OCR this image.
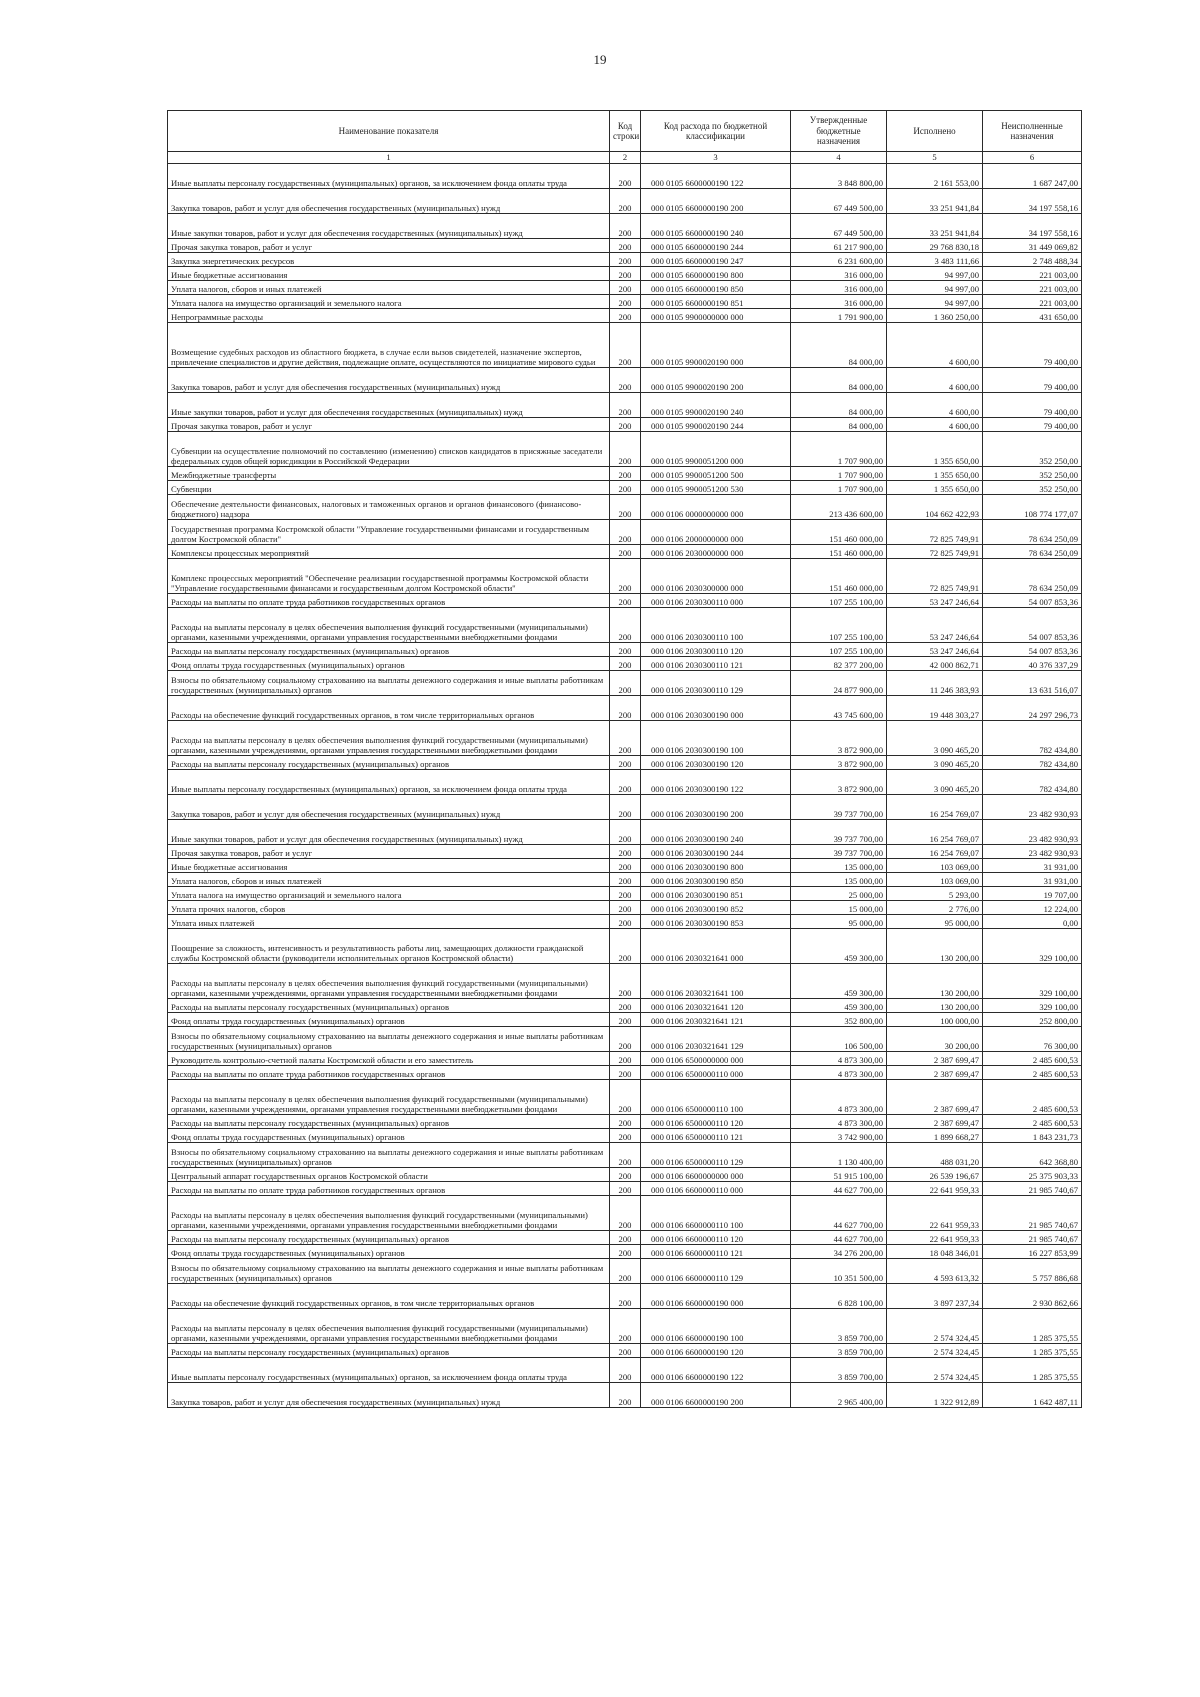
19
Наименование показателя	Код строки	Код расхода по бюджетной классификации	Утвержденные бюджетные назначения	Исполнено	Неисполненные назначения
1	2	3	4	5	6
Иные выплаты персоналу государственных (муниципальных) органов, за исключением фонда оплаты труда	200	000 0105 6600000190 122	3 848 800,00	2 161 553,00	1 687 247,00
Закупка товаров, работ и услуг для обеспечения государственных (муниципальных) нужд	200	000 0105 6600000190 200	67 449 500,00	33 251 941,84	34 197 558,16
Иные закупки товаров, работ и услуг для обеспечения государственных (муниципальных) нужд	200	000 0105 6600000190 240	67 449 500,00	33 251 941,84	34 197 558,16
Прочая закупка товаров, работ и услуг	200	000 0105 6600000190 244	61 217 900,00	29 768 830,18	31 449 069,82
Закупка энергетических ресурсов	200	000 0105 6600000190 247	6 231 600,00	3 483 111,66	2 748 488,34
Иные бюджетные ассигнования	200	000 0105 6600000190 800	316 000,00	94 997,00	221 003,00
Уплата налогов, сборов и иных платежей	200	000 0105 6600000190 850	316 000,00	94 997,00	221 003,00
Уплата налога на имущество организаций и земельного налога	200	000 0105 6600000190 851	316 000,00	94 997,00	221 003,00
Непрограммные расходы	200	000 0105 9900000000 000	1 791 900,00	1 360 250,00	431 650,00
Возмещение судебных расходов из областного бюджета, в случае если вызов свидетелей, назначение экспертов, привлечение специалистов и другие действия, подлежащие оплате, осуществляются по инициативе мирового судьи	200	000 0105 9900020190 000	84 000,00	4 600,00	79 400,00
Закупка товаров, работ и услуг для обеспечения государственных (муниципальных) нужд	200	000 0105 9900020190 200	84 000,00	4 600,00	79 400,00
Иные закупки товаров, работ и услуг для обеспечения государственных (муниципальных) нужд	200	000 0105 9900020190 240	84 000,00	4 600,00	79 400,00
Прочая закупка товаров, работ и услуг	200	000 0105 9900020190 244	84 000,00	4 600,00	79 400,00
Субвенции на осуществление полномочий по составлению (изменению) списков кандидатов в присяжные заседатели федеральных судов общей юрисдикции в Российской Федерации	200	000 0105 9900051200 000	1 707 900,00	1 355 650,00	352 250,00
Межбюджетные трансферты	200	000 0105 9900051200 500	1 707 900,00	1 355 650,00	352 250,00
Субвенции	200	000 0105 9900051200 530	1 707 900,00	1 355 650,00	352 250,00
Обеспечение деятельности финансовых, налоговых и таможенных органов и органов финансового (финансово-бюджетного) надзора	200	000 0106 0000000000 000	213 436 600,00	104 662 422,93	108 774 177,07
Государственная программа Костромской области "Управление государственными финансами и государственным долгом Костромской области"	200	000 0106 2000000000 000	151 460 000,00	72 825 749,91	78 634 250,09
Комплексы процессных мероприятий	200	000 0106 2030000000 000	151 460 000,00	72 825 749,91	78 634 250,09
Комплекс процессных мероприятий "Обеспечение реализации государственной программы Костромской области "Управление государственными финансами и государственным долгом Костромской области"	200	000 0106 2030300000 000	151 460 000,00	72 825 749,91	78 634 250,09
Расходы на выплаты по оплате труда работников государственных органов	200	000 0106 2030300110 000	107 255 100,00	53 247 246,64	54 007 853,36
Расходы на выплаты персоналу в целях обеспечения выполнения функций государственными (муниципальными) органами, казенными учреждениями, органами управления государственными внебюджетными фондами	200	000 0106 2030300110 100	107 255 100,00	53 247 246,64	54 007 853,36
Расходы на выплаты персоналу государственных (муниципальных) органов	200	000 0106 2030300110 120	107 255 100,00	53 247 246,64	54 007 853,36
Фонд оплаты труда государственных (муниципальных) органов	200	000 0106 2030300110 121	82 377 200,00	42 000 862,71	40 376 337,29
Взносы по обязательному социальному страхованию на выплаты денежного содержания и иные выплаты работникам государственных (муниципальных) органов	200	000 0106 2030300110 129	24 877 900,00	11 246 383,93	13 631 516,07
Расходы на обеспечение функций государственных органов, в том числе территориальных органов	200	000 0106 2030300190 000	43 745 600,00	19 448 303,27	24 297 296,73
Расходы на выплаты персоналу в целях обеспечения выполнения функций государственными (муниципальными) органами, казенными учреждениями, органами управления государственными внебюджетными фондами	200	000 0106 2030300190 100	3 872 900,00	3 090 465,20	782 434,80
Расходы на выплаты персоналу государственных (муниципальных) органов	200	000 0106 2030300190 120	3 872 900,00	3 090 465,20	782 434,80
Иные выплаты персоналу государственных (муниципальных) органов, за исключением фонда оплаты труда	200	000 0106 2030300190 122	3 872 900,00	3 090 465,20	782 434,80
Закупка товаров, работ и услуг для обеспечения государственных (муниципальных) нужд	200	000 0106 2030300190 200	39 737 700,00	16 254 769,07	23 482 930,93
Иные закупки товаров, работ и услуг для обеспечения государственных (муниципальных) нужд	200	000 0106 2030300190 240	39 737 700,00	16 254 769,07	23 482 930,93
Прочая закупка товаров, работ и услуг	200	000 0106 2030300190 244	39 737 700,00	16 254 769,07	23 482 930,93
Иные бюджетные ассигнования	200	000 0106 2030300190 800	135 000,00	103 069,00	31 931,00
Уплата налогов, сборов и иных платежей	200	000 0106 2030300190 850	135 000,00	103 069,00	31 931,00
Уплата налога на имущество организаций и земельного налога	200	000 0106 2030300190 851	25 000,00	5 293,00	19 707,00
Уплата прочих налогов, сборов	200	000 0106 2030300190 852	15 000,00	2 776,00	12 224,00
Уплата иных платежей	200	000 0106 2030300190 853	95 000,00	95 000,00	0,00
Поощрение за сложность, интенсивность и результативность работы лиц, замещающих должности гражданской службы Костромской области (руководители исполнительных органов Костромской области)	200	000 0106 2030321641 000	459 300,00	130 200,00	329 100,00
Расходы на выплаты персоналу в целях обеспечения выполнения функций государственными (муниципальными) органами, казенными учреждениями, органами управления государственными внебюджетными фондами	200	000 0106 2030321641 100	459 300,00	130 200,00	329 100,00
Расходы на выплаты персоналу государственных (муниципальных) органов	200	000 0106 2030321641 120	459 300,00	130 200,00	329 100,00
Фонд оплаты труда государственных (муниципальных) органов	200	000 0106 2030321641 121	352 800,00	100 000,00	252 800,00
Взносы по обязательному социальному страхованию на выплаты денежного содержания и иные выплаты работникам государственных (муниципальных) органов	200	000 0106 2030321641 129	106 500,00	30 200,00	76 300,00
Руководитель контрольно-счетной палаты Костромской области и его заместитель	200	000 0106 6500000000 000	4 873 300,00	2 387 699,47	2 485 600,53
Расходы на выплаты по оплате труда работников государственных органов	200	000 0106 6500000110 000	4 873 300,00	2 387 699,47	2 485 600,53
Расходы на выплаты персоналу в целях обеспечения выполнения функций государственными (муниципальными) органами, казенными учреждениями, органами управления государственными внебюджетными фондами	200	000 0106 6500000110 100	4 873 300,00	2 387 699,47	2 485 600,53
Расходы на выплаты персоналу государственных (муниципальных) органов	200	000 0106 6500000110 120	4 873 300,00	2 387 699,47	2 485 600,53
Фонд оплаты труда государственных (муниципальных) органов	200	000 0106 6500000110 121	3 742 900,00	1 899 668,27	1 843 231,73
Взносы по обязательному социальному страхованию на выплаты денежного содержания и иные выплаты работникам государственных (муниципальных) органов	200	000 0106 6500000110 129	1 130 400,00	488 031,20	642 368,80
Центральный аппарат государственных органов Костромской области	200	000 0106 6600000000 000	51 915 100,00	26 539 196,67	25 375 903,33
Расходы на выплаты по оплате труда работников государственных органов	200	000 0106 6600000110 000	44 627 700,00	22 641 959,33	21 985 740,67
Расходы на выплаты персоналу в целях обеспечения выполнения функций государственными (муниципальными) органами, казенными учреждениями, органами управления государственными внебюджетными фондами	200	000 0106 6600000110 100	44 627 700,00	22 641 959,33	21 985 740,67
Расходы на выплаты персоналу государственных (муниципальных) органов	200	000 0106 6600000110 120	44 627 700,00	22 641 959,33	21 985 740,67
Фонд оплаты труда государственных (муниципальных) органов	200	000 0106 6600000110 121	34 276 200,00	18 048 346,01	16 227 853,99
Взносы по обязательному социальному страхованию на выплаты денежного содержания и иные выплаты работникам государственных (муниципальных) органов	200	000 0106 6600000110 129	10 351 500,00	4 593 613,32	5 757 886,68
Расходы на обеспечение функций государственных органов, в том числе территориальных органов	200	000 0106 6600000190 000	6 828 100,00	3 897 237,34	2 930 862,66
Расходы на выплаты персоналу в целях обеспечения выполнения функций государственными (муниципальными) органами, казенными учреждениями, органами управления государственными внебюджетными фондами	200	000 0106 6600000190 100	3 859 700,00	2 574 324,45	1 285 375,55
Расходы на выплаты персоналу государственных (муниципальных) органов	200	000 0106 6600000190 120	3 859 700,00	2 574 324,45	1 285 375,55
Иные выплаты персоналу государственных (муниципальных) органов, за исключением фонда оплаты труда	200	000 0106 6600000190 122	3 859 700,00	2 574 324,45	1 285 375,55
Закупка товаров, работ и услуг для обеспечения государственных (муниципальных) нужд	200	000 0106 6600000190 200	2 965 400,00	1 322 912,89	1 642 487,11
